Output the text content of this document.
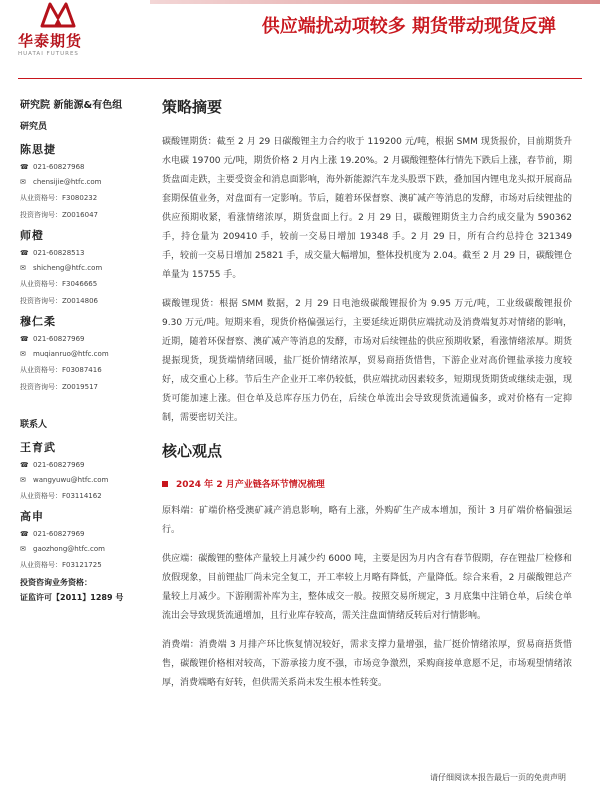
华泰期货
HUATAI FUTURES
供应端扰动项较多 期货带动现货反弹
研究院 新能源&有色组
研究员
陈思捷
☎ 021-60827968
✉	chensijie@htfc.com
从业资格号：F3080232
投资咨询号：Z0016047
师橙
☎ 021-60828513
✉	shicheng@htfc.com
从业资格号：F3046665
投资咨询号：Z0014806
穆仁柔
☎ 021-60827969
✉	muqianruo@htfc.com
从业资格号：F03087416
投资咨询号：Z0019517
联系人
王育武
☎ 021-60827969
✉	wangyuwu@htfc.com
从业资格号：F03114162
高申
☎ 021-60827969
✉	gaozhong@htfc.com
从业资格号：F03121725
投资咨询业务资格：
证监许可【2011】1289 号
策略摘要

碳酸锂期货：截至 2 月 29 日碳酸锂主力合约收于 119200 元/吨，根据 SMM 现货报价，目前期货升水电碳 19700 元/吨，期货价格 2 月内上涨 19.20%。2 月碳酸锂整体行情先下跌后上涨，春节前，期货盘面走跌，主要受资金和消息面影响，海外新能源汽车龙头股票下跌，叠加国内锂电龙头拟开展商品套期保值业务，对盘面有一定影响。节后，随着环保督察、澳矿减产等消息的发酵，市场对后续锂盐的供应预期收紧，看涨情绪浓厚，期货盘面上行。2 月 29 日，碳酸锂期货主力合约成交量为 590362 手，持仓量为 209410 手，较前一交易日增加 19348 手。2 月 29 日，所有合约总持仓 321349 手，较前一交易日增加 25821 手，成交量大幅增加，整体投机度为 2.04。截至 2 月 29 日，碳酸锂仓单量为 15755 手。

碳酸锂现货：根据 SMM 数据，2 月 29 日电池级碳酸锂报价为 9.95 万元/吨，工业级碳酸锂报价 9.30 万元/吨。短期来看，现货价格偏强运行，主要延续近期供应端扰动及消费端复苏对情绪的影响，近期，随着环保督察、澳矿减产等消息的发酵，市场对后续锂盐的供应预期收紧，看涨情绪浓厚。期货提振现货，现货端情绪回暖，盐厂挺价情绪浓厚，贸易商捂货惜售，下游企业对高价锂盐承接力度较好，成交重心上移。节后生产企业开工率仍较低，供应端扰动因素较多，短期现货期货或继续走强，现货可能加速上涨。但仓单及总库存压力仍在，后续仓单流出会导致现货流通偏多，或对价格有一定抑制，需要密切关注。

核心观点
2024 年 2 月产业链各环节情况梳理

原料端：矿端价格受澳矿减产消息影响，略有上涨，外购矿生产成本增加，预计 3 月矿端价格偏强运行。

供应端：碳酸锂的整体产量较上月减少约 6000 吨，主要是因为月内含有春节假期，存在锂盐厂检修和放假现象，目前锂盐厂尚未完全复工，开工率较上月略有降低，产量降低。综合来看，2 月碳酸锂总产量较上月减少。下游刚需补库为主，整体成交一般。按照交易所规定，3 月底集中注销仓单，后续仓单流出会导致现货流通增加，且行业库存较高，需关注盘面情绪反转后对行情影响。

消费端：消费端 3 月排产环比恢复情况较好，需求支撑力量增强，盐厂挺价情绪浓厚，贸易商捂货惜售，碳酸锂价格相对较高，下游承接力度不强，市场竞争激烈，采购商接单意愿不足，市场观望情绪浓厚，消费端略有好转，但供需关系尚未发生根本性转变。

请仔细阅读本报告最后一页的免责声明
